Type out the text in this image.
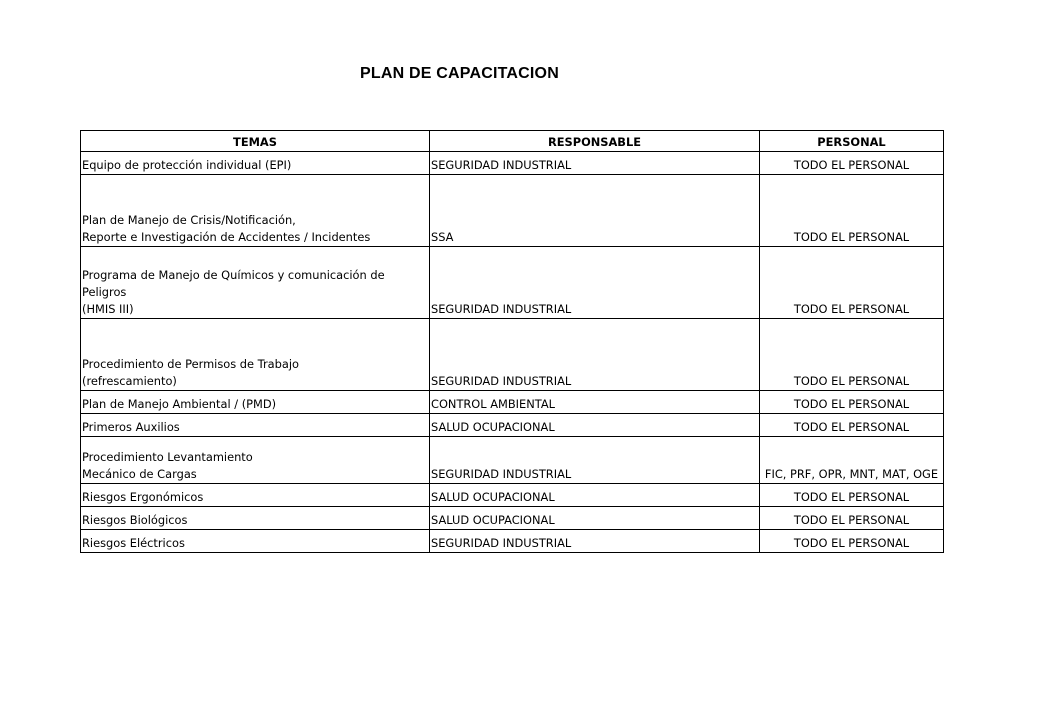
PLAN DE CAPACITACION
TEMAS	RESPONSABLE	PERSONAL
Equipo de protección individual (EPI)	SEGURIDAD INDUSTRIAL	TODO EL PERSONAL
Plan de Manejo de Crisis/Notificación,
Reporte e Investigación de Accidentes / Incidentes	SSA	TODO EL PERSONAL
Programa de Manejo de Químicos y comunicación de Peligros
(HMIS III)	SEGURIDAD INDUSTRIAL	TODO EL PERSONAL
Procedimiento de Permisos de Trabajo
(refrescamiento)	SEGURIDAD INDUSTRIAL	TODO EL PERSONAL
Plan de Manejo Ambiental / (PMD)	CONTROL AMBIENTAL	TODO EL PERSONAL
Primeros Auxilios	SALUD OCUPACIONAL	TODO EL PERSONAL
Procedimiento Levantamiento
Mecánico de Cargas	SEGURIDAD INDUSTRIAL	FIC, PRF, OPR, MNT, MAT, OGE
Riesgos Ergonómicos	SALUD OCUPACIONAL	TODO EL PERSONAL
Riesgos Biológicos	SALUD OCUPACIONAL	TODO EL PERSONAL
Riesgos Eléctricos	SEGURIDAD INDUSTRIAL	TODO EL PERSONAL
